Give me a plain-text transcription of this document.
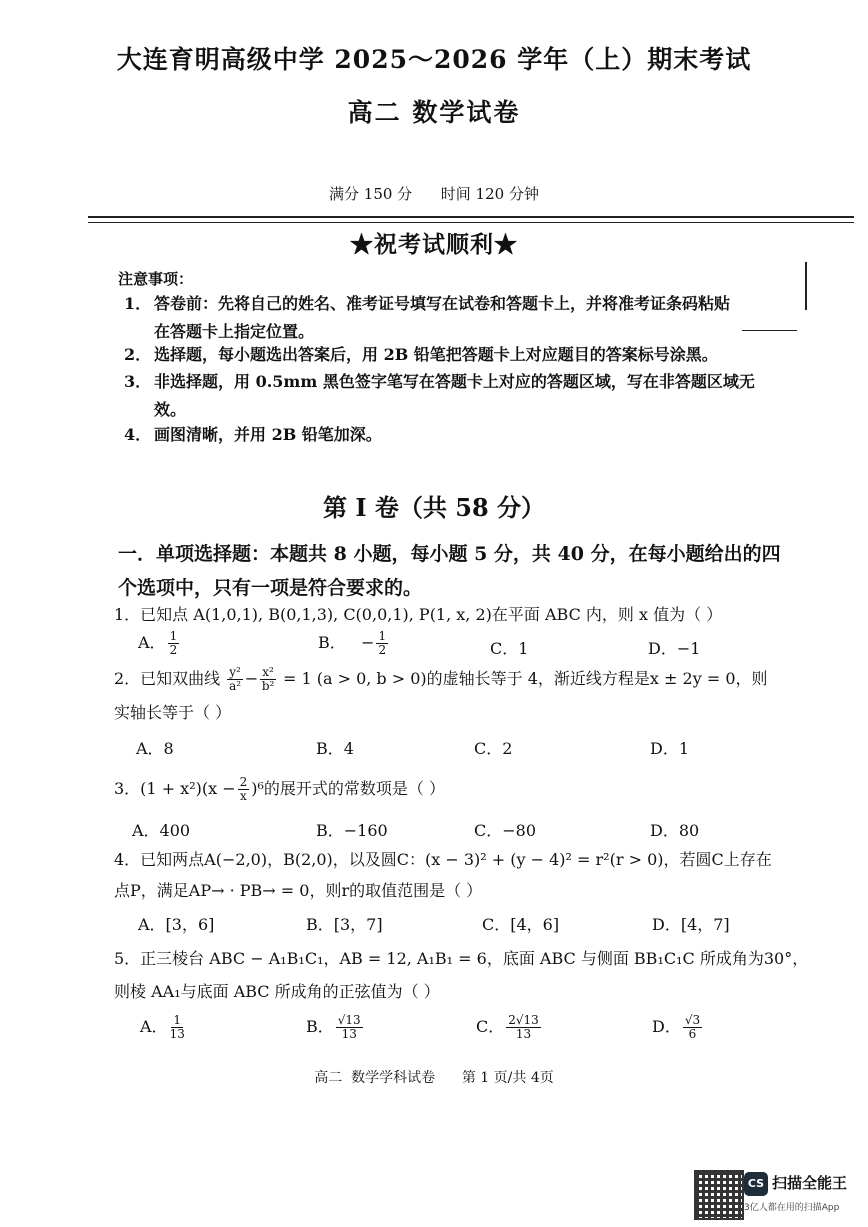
大连育明高级中学 2025～2026 学年（上）期末考试
高二 数学试卷
满分 150 分      时间 120 分钟
★祝考试顺利★
注意事项：
1． 答卷前：先将自己的姓名、准考证号填写在试卷和答题卡上，并将准考证条码粘贴
在答题卡上指定位置。
2． 选择题，每小题选出答案后，用 2B 铅笔把答题卡上对应题目的答案标号涂黑。
3． 非选择题，用 0.5mm 黑色签字笔写在答题卡上对应的答题区域，写在非答题区域无
效。
4． 画图清晰，并用 2B 铅笔加深。
第 I 卷（共 58 分）
一．单项选择题：本题共 8 小题，每小题 5 分，共 40 分，在每小题给出的四
个选项中，只有一项是符合要求的。
1．已知点 A(1,0,1), B(0,1,3), C(0,0,1), P(1, x, 2)在平面 ABC 内，则 x 值为（ ）
A． $\frac{1}{2}$	B．   − $\frac{1}{2}$	C．1	D．−1
2．已知双曲线 $\frac{\text{y²}}{\text{a²}} - \frac{\text{x²}}{\text{b²}} = 1$ (a > 0, b > 0)的虚轴长等于 4，渐近线方程是x ± 2y = 0，则
实轴长等于（ ）
A．8	B．4	C．2	D．1
3．$(1 + x^2)(x - \frac{2}{x} )^6$的展开式的常数项是（ ）
A．400	B．−160	C．−80	D．80
4．已知两点A(−2,0)，B(2,0)，以及圆C：(x − 3)² + (y − 4)² = r²(r > 0)，若圆C上存在
点P，满足AP→ · PB→ = 0，则r的取值范围是（ ）
A．[3，6]	B．[3，7]	C．[4，6]	D．[4，7]
5．正三棱台 ABC − A₁B₁C₁，AB = 12, A₁B₁ = 6，底面 ABC 与侧面 BB₁C₁C 所成角为30°，
则棱 AA₁与底面 ABC 所成角的正弦值为（ ）
A． $\frac{1}{13}$	B． $\frac{√13}{13}$	C． $\frac{2√13}{13}$	D． $\frac{√3}{6}$
高二  数学学科试卷      第 1 页/共 4页
CS 扫描全能王
3亿人都在用的扫描App
